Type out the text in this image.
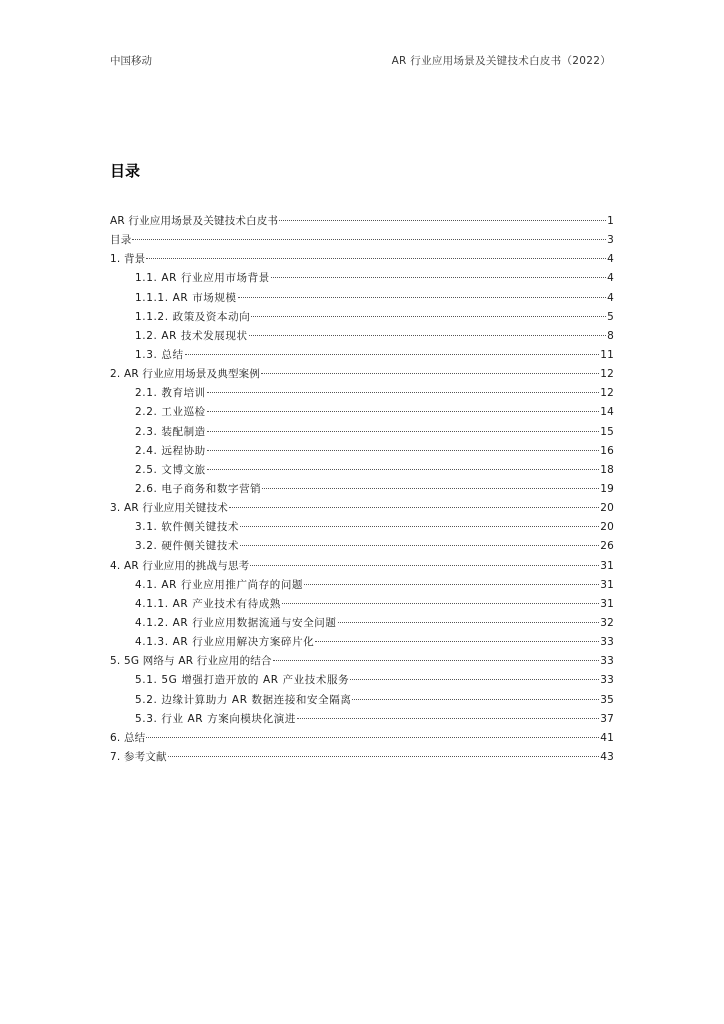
中国移动	AR 行业应用场景及关键技术白皮书（2022）
目录
AR 行业应用场景及关键技术白皮书	1
目录	3
1. 背景	4
1.1. AR 行业应用市场背景	4
1.1.1. AR 市场规模	4
1.1.2. 政策及资本动向	5
1.2. AR 技术发展现状	8
1.3. 总结	11
2. AR 行业应用场景及典型案例	12
2.1. 教育培训	12
2.2. 工业巡检	14
2.3. 装配制造	15
2.4. 远程协助	16
2.5. 文博文旅	18
2.6. 电子商务和数字营销	19
3. AR 行业应用关键技术	20
3.1. 软件侧关键技术	20
3.2. 硬件侧关键技术	26
4. AR 行业应用的挑战与思考	31
4.1. AR 行业应用推广尚存的问题	31
4.1.1. AR 产业技术有待成熟	31
4.1.2. AR 行业应用数据流通与安全问题	32
4.1.3. AR 行业应用解决方案碎片化	33
5. 5G 网络与 AR 行业应用的结合	33
5.1. 5G 增强打造开放的 AR 产业技术服务	33
5.2. 边缘计算助力 AR 数据连接和安全隔离	35
5.3. 行业 AR 方案向模块化演进	37
6. 总结	41
7. 参考文献	43
